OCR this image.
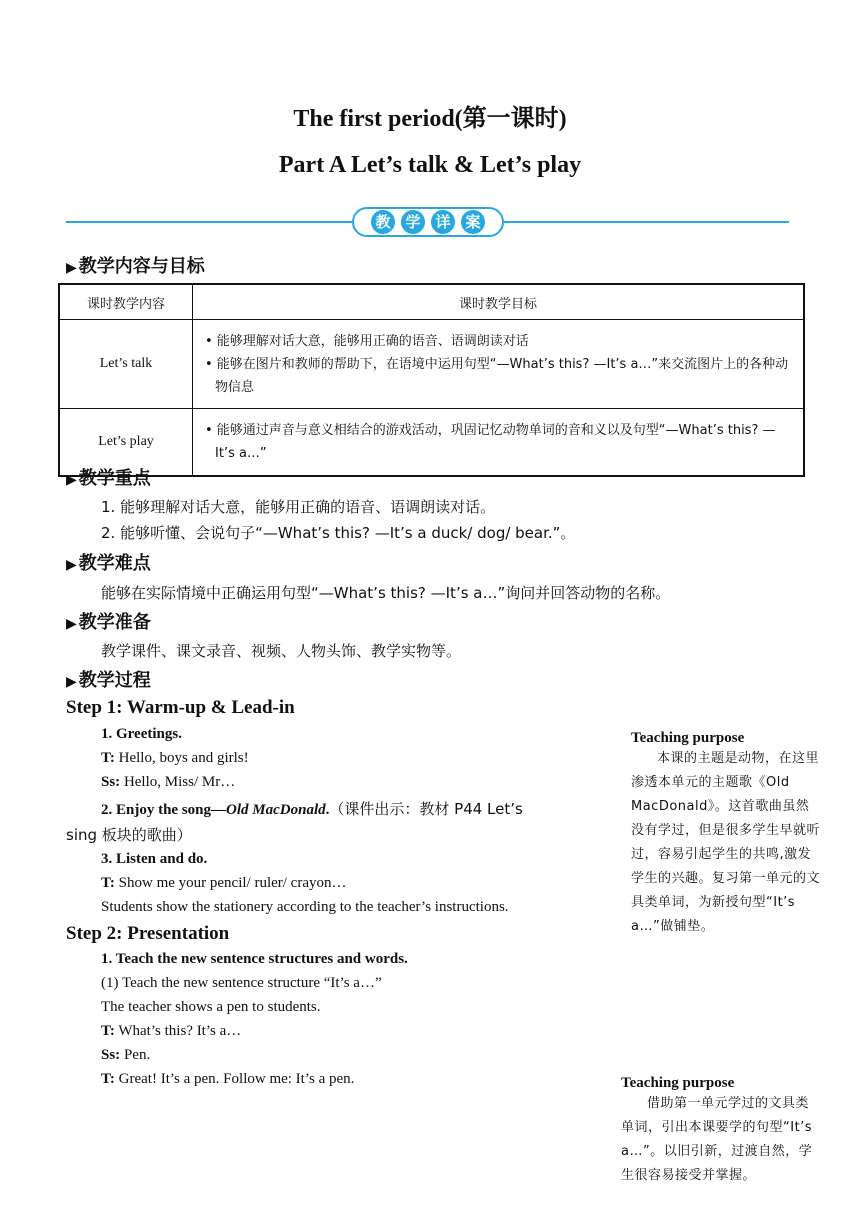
The first period(第一课时)
Part A Let’s talk & Let’s play
教 学 详 案
▶ 教学内容与目标
课时教学内容	课时教学目标
Let’s talk	• 能够理解对话大意，能够用正确的语音、语调朗读对话
• 能够在图片和教师的帮助下，在语境中运用句型“—What’s this? —It’s a…”来交流图片上的各种动物信息

Let’s play	• 能够通过声音与意义相结合的游戏活动，巩固记忆动物单词的音和义以及句型“—What’s this? —It’s a…”
▶ 教学重点
1. 能够理解对话大意，能够用正确的语音、语调朗读对话。
2. 能够听懂、会说句子“—What’s this? —It’s a duck/ dog/ bear.”。
▶ 教学难点
能够在实际情境中正确运用句型“—What’s this? —It’s a…”询问并回答动物的名称。
▶ 教学准备
教学课件、课文录音、视频、人物头饰、教学实物等。
▶ 教学过程
Step 1: Warm-up & Lead-in
1. Greetings.
T: Hello, boys and girls!
Ss: Hello, Miss/ Mr…
2. Enjoy the song—Old MacDonald.（课件出示：教材 P44 Let’s
sing 板块的歌曲）
3. Listen and do.
T: Show me your pencil/ ruler/ crayon…
Students show the stationery according to the teacher’s instructions.
Step 2: Presentation
1. Teach the new sentence structures and words.
(1) Teach the new sentence structure “It’s a…”
The teacher shows a pen to students.
T: What’s this? It’s a…
Ss: Pen.
T: Great! It’s a pen. Follow me: It’s a pen.
Teaching purpose
本课的主题是动物，在这里渗透本单元的主题歌《Old MacDonald》。这首歌曲虽然没有学过，但是很多学生早就听过，容易引起学生的共鸣,激发学生的兴趣。复习第一单元的文具类单词，为新授句型“It’s a…”做铺垫。
Teaching purpose
借助第一单元学过的文具类单词，引出本课要学的句型“It’s a…”。以旧引新，过渡自然，学生很容易接受并掌握。
